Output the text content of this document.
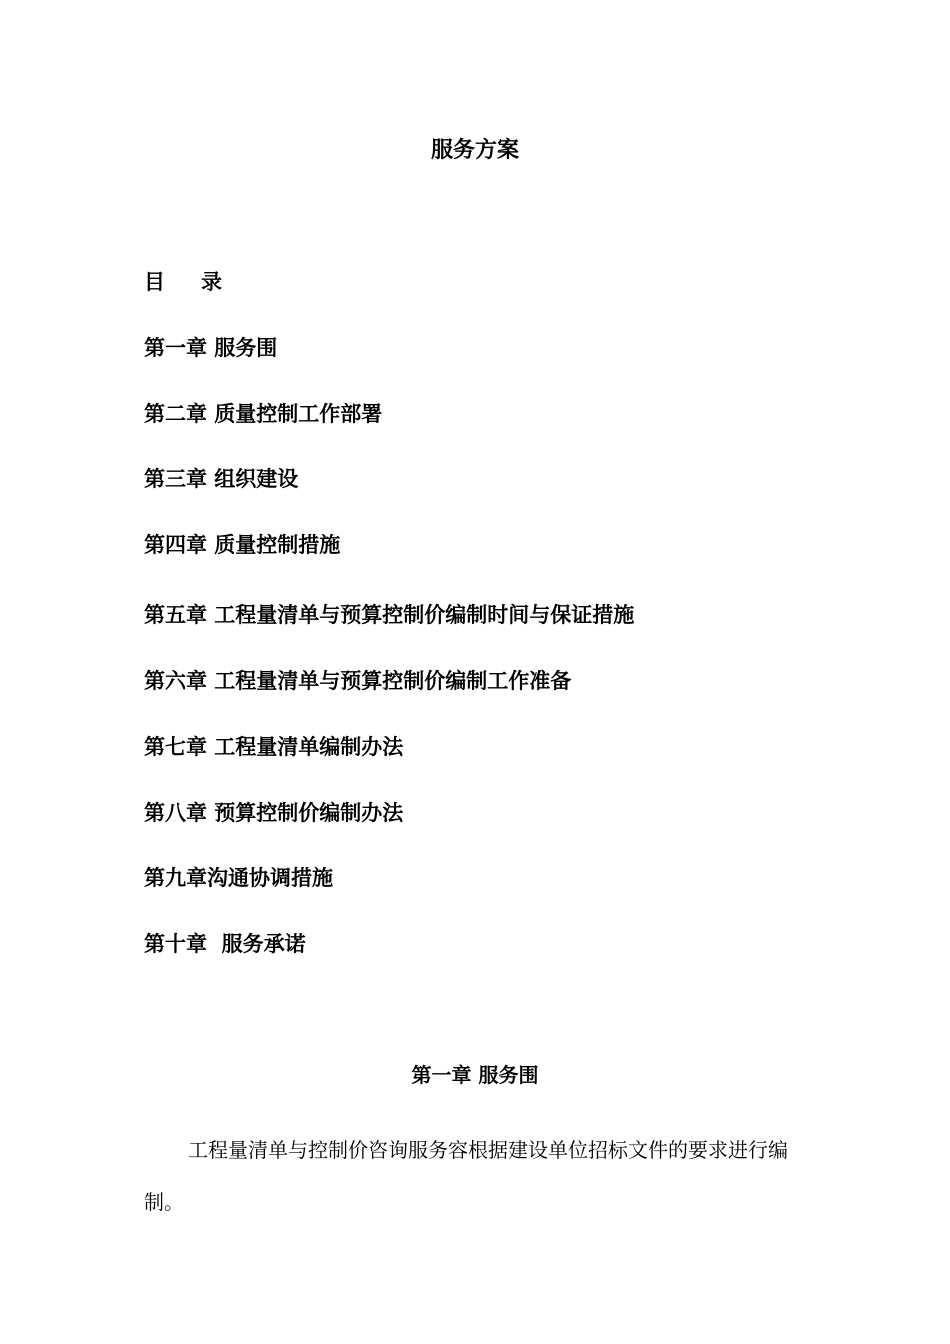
服务方案
目 录
第一章 服务围
第二章 质量控制工作部署
第三章 组织建设
第四章 质量控制措施
第五章 工程量清单与预算控制价编制时间与保证措施
第六章 工程量清单与预算控制价编制工作准备
第七章 工程量清单编制办法
第八章 预算控制价编制办法
第九章沟通协调措施
第十章  服务承诺
第一章 服务围

工程量清单与控制价咨询服务容根据建设单位招标文件的要求进行编制。
